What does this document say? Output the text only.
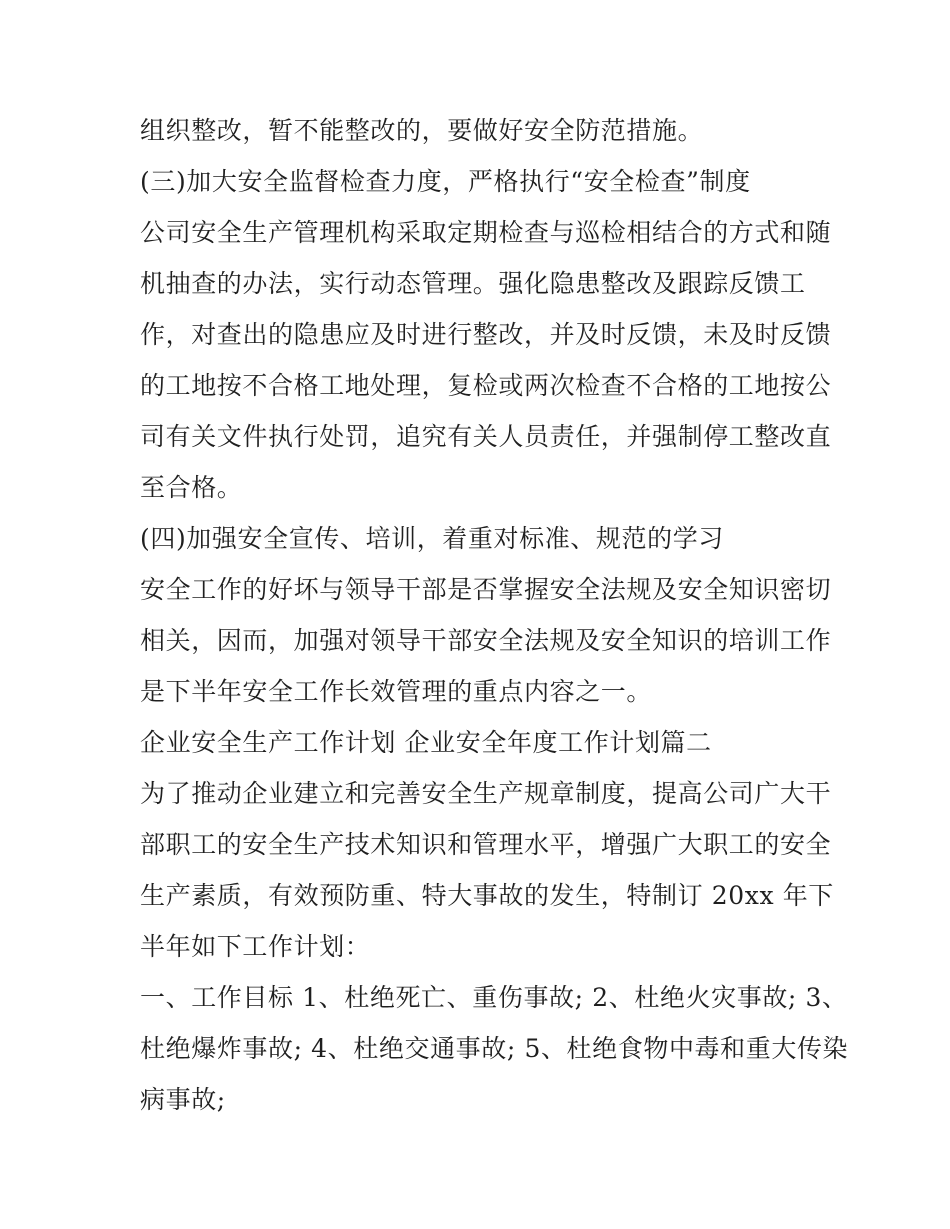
组织整改，暂不能整改的，要做好安全防范措施。
(三)加大安全监督检查力度，严格执行“安全检查”制度
公司安全生产管理机构采取定期检查与巡检相结合的方式和随
机抽查的办法，实行动态管理。强化隐患整改及跟踪反馈工
作，对查出的隐患应及时进行整改，并及时反馈，未及时反馈
的工地按不合格工地处理，复检或两次检查不合格的工地按公
司有关文件执行处罚，追究有关人员责任，并强制停工整改直
至合格。
(四)加强安全宣传、培训，着重对标准、规范的学习
安全工作的好坏与领导干部是否掌握安全法规及安全知识密切
相关，因而，加强对领导干部安全法规及安全知识的培训工作
是下半年安全工作长效管理的重点内容之一。
企业安全生产工作计划 企业安全年度工作计划篇二
为了推动企业建立和完善安全生产规章制度，提高公司广大干
部职工的安全生产技术知识和管理水平，增强广大职工的安全
生产素质，有效预防重、特大事故的发生，特制订 20xx 年下
半年如下工作计划：
一、工作目标 1、杜绝死亡、重伤事故; 2、杜绝火灾事故; 3、
杜绝爆炸事故; 4、杜绝交通事故; 5、杜绝食物中毒和重大传染
病事故;
